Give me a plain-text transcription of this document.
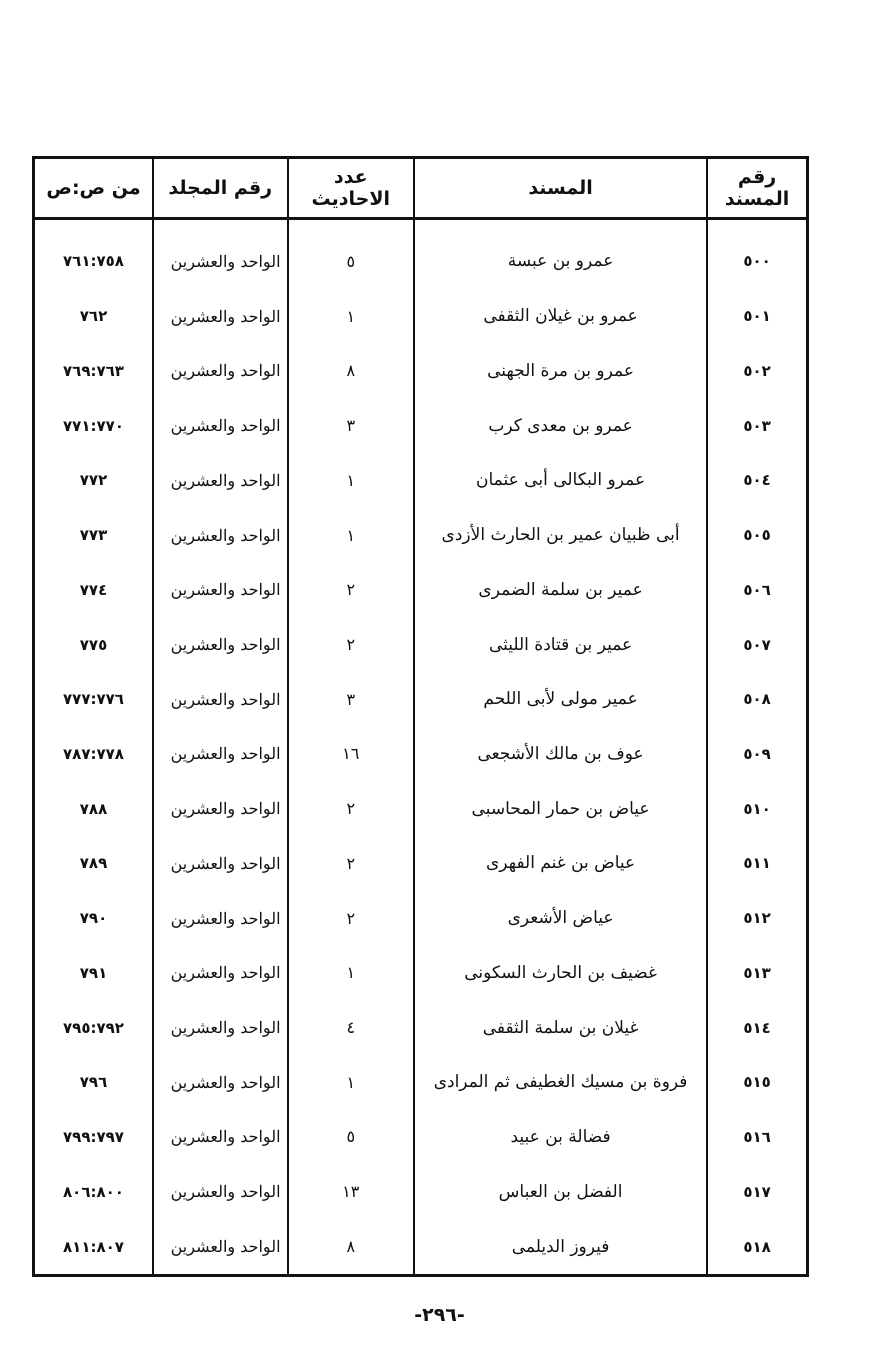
رقم المسند	المسند	عدد الاحاديث	رقم المجلد	من ص:ص
٥٠٠	عمرو بن عبسة	٥	الواحد والعشرين	٧٦١:٧٥٨
٥٠١	عمرو بن غيلان الثقفى	١	الواحد والعشرين	٧٦٢
٥٠٢	عمرو بن مرة الجهنى	٨	الواحد والعشرين	٧٦٩:٧٦٣
٥٠٣	عمرو بن معدى كرب	٣	الواحد والعشرين	٧٧١:٧٧٠
٥٠٤	عمرو البكالى أبى عثمان	١	الواحد والعشرين	٧٧٢
٥٠٥	أبى ظبيان عمير بن الحارث الأزدى	١	الواحد والعشرين	٧٧٣
٥٠٦	عمير بن سلمة الضمرى	٢	الواحد والعشرين	٧٧٤
٥٠٧	عمير بن قتادة الليثى	٢	الواحد والعشرين	٧٧٥
٥٠٨	عمير مولى لأبى اللحم	٣	الواحد والعشرين	٧٧٧:٧٧٦
٥٠٩	عوف بن مالك الأشجعى	١٦	الواحد والعشرين	٧٨٧:٧٧٨
٥١٠	عياض بن حمار المحاسبى	٢	الواحد والعشرين	٧٨٨
٥١١	عياض بن غنم الفهرى	٢	الواحد والعشرين	٧٨٩
٥١٢	عياض الأشعرى	٢	الواحد والعشرين	٧٩٠
٥١٣	غضيف بن الحارث السكونى	١	الواحد والعشرين	٧٩١
٥١٤	غيلان بن سلمة الثقفى	٤	الواحد والعشرين	٧٩٥:٧٩٢
٥١٥	فروة بن مسيك الغطيفى ثم المرادى	١	الواحد والعشرين	٧٩٦
٥١٦	فضالة بن عبيد	٥	الواحد والعشرين	٧٩٩:٧٩٧
٥١٧	الفضل بن العباس	١٣	الواحد والعشرين	٨٠٦:٨٠٠
٥١٨	فيروز الديلمى	٨	الواحد والعشرين	٨١١:٨٠٧
-٢٩٦-
